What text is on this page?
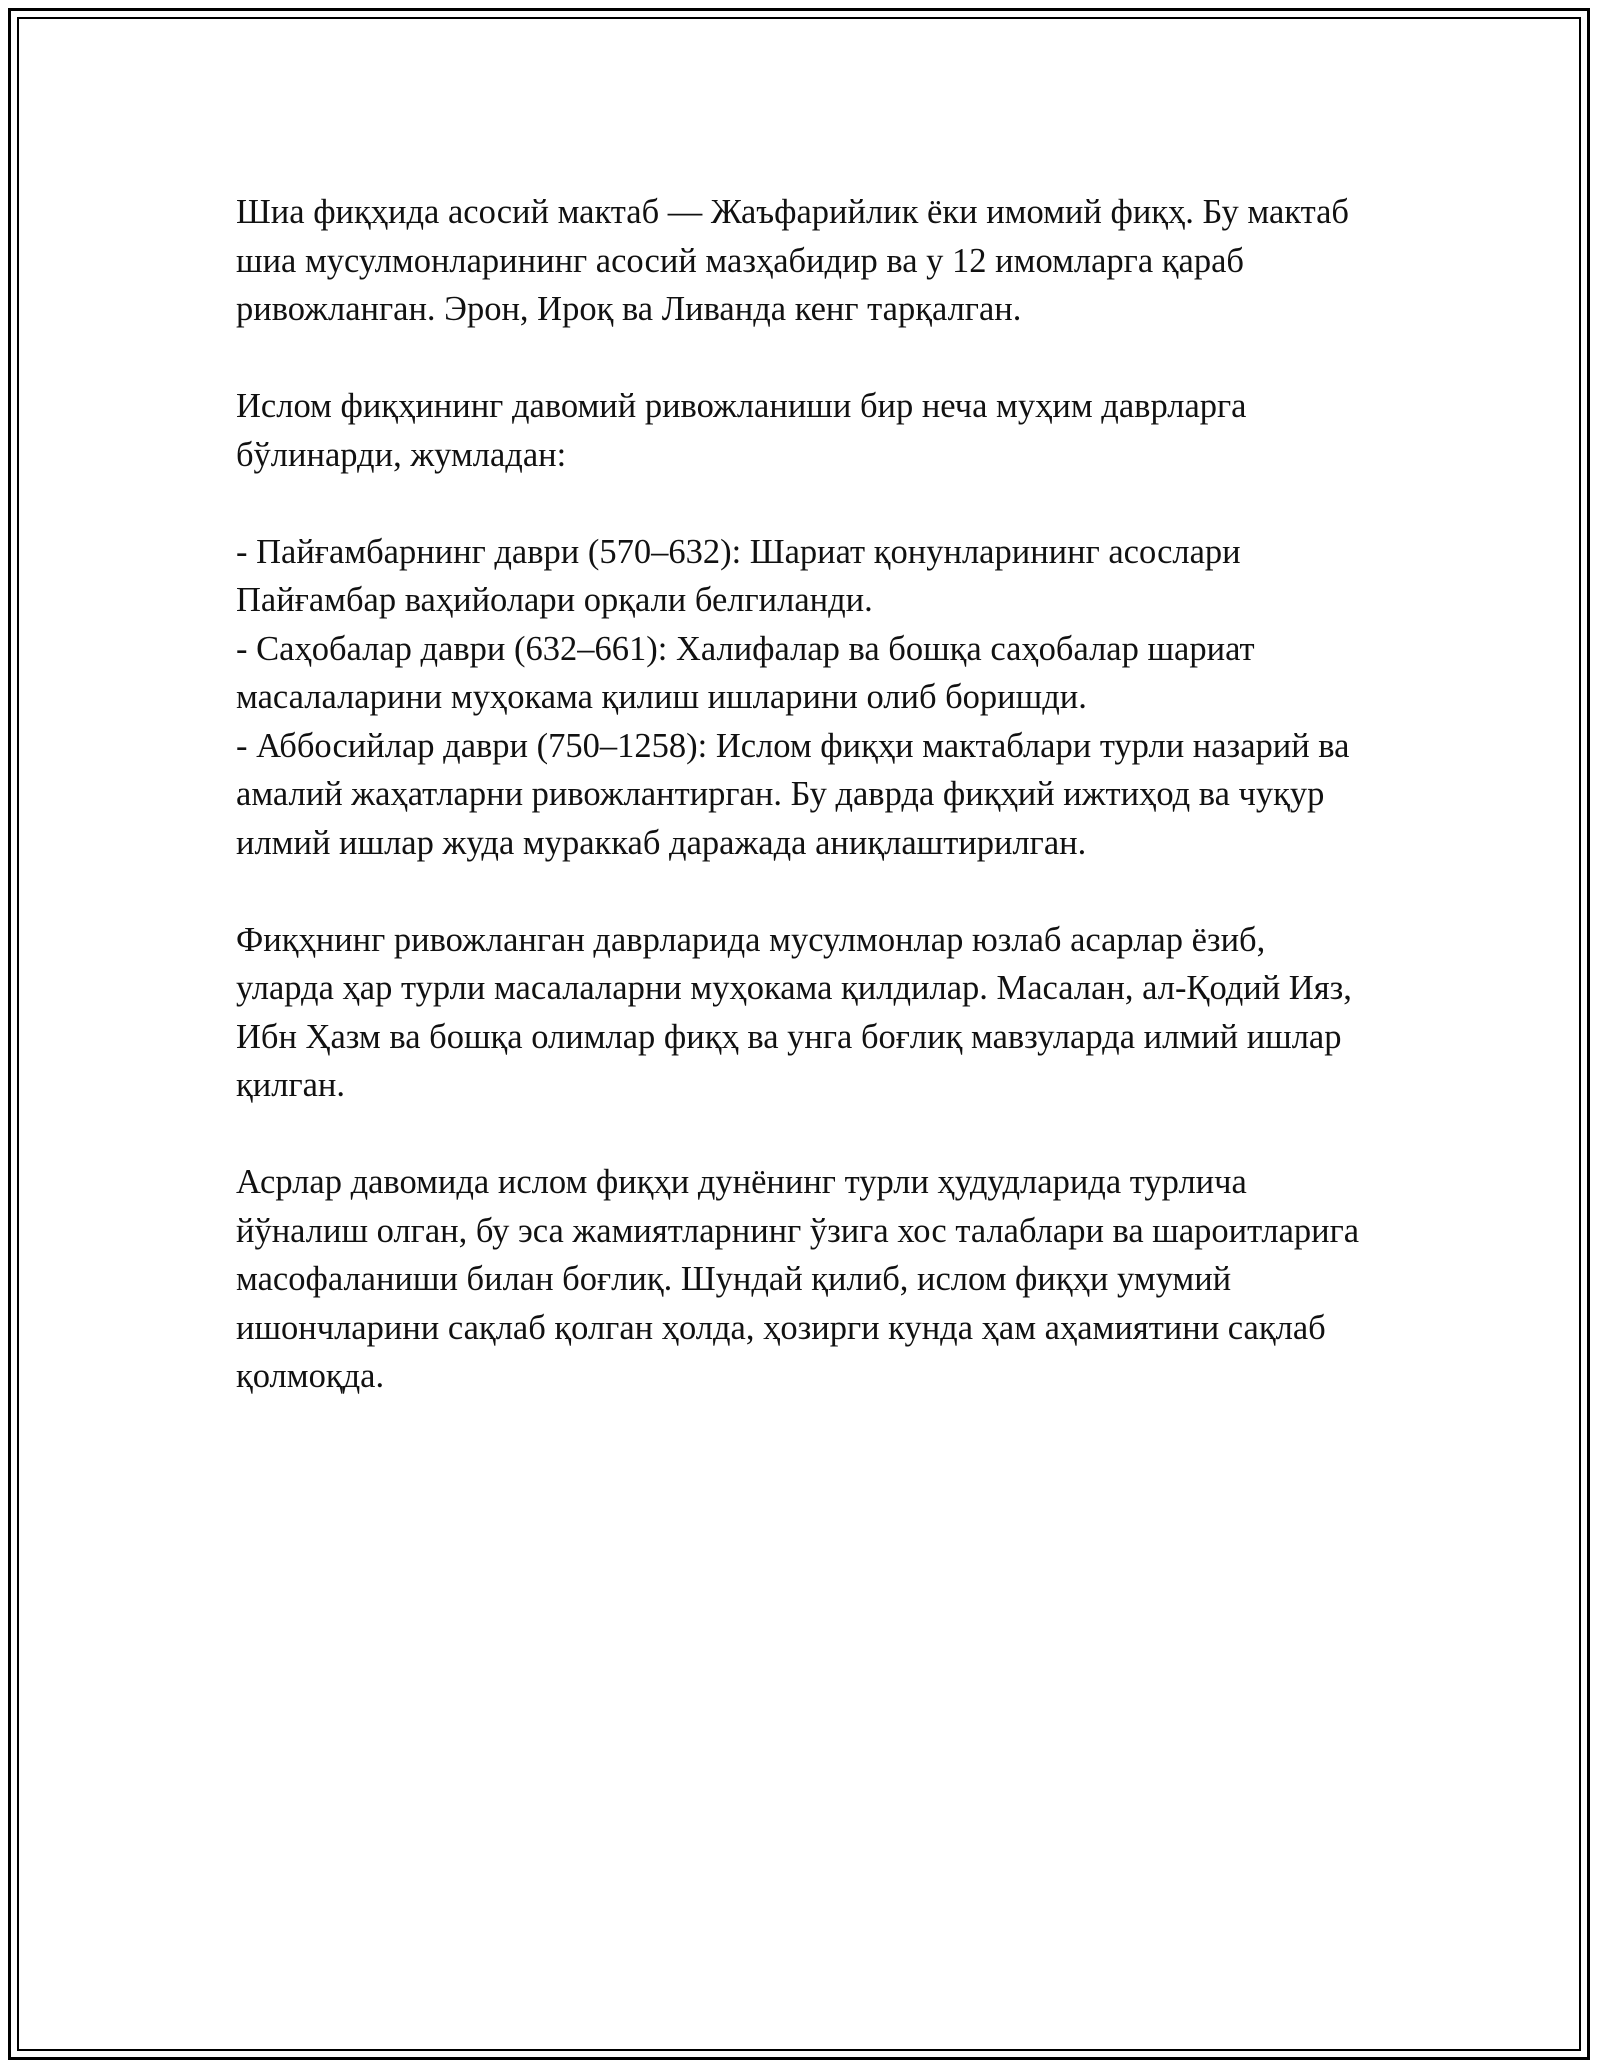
Шиа фиқҳида асосий мактаб — Жаъфарийлик ёки имомий фиқҳ. Бу мактаб шиа мусулмонларининг асосий мазҳабидир ва у 12 имомларга қараб ривожланган. Эрон, Ироқ ва Ливанда кенг тарқалган.

Ислом фиқҳининг давомий ривожланиши бир неча муҳим даврларга бўлинарди, жумладан:

- Пайғамбарнинг даври (570–632): Шариат қонунларининг асослари Пайғамбар ваҳийолари орқали белгиланди.

- Саҳобалар даври (632–661): Халифалар ва бошқа саҳобалар шариат масалаларини муҳокама қилиш ишларини олиб боришди.

- Аббосийлар даври (750–1258): Ислом фиқҳи мактаблари турли назарий ва амалий жаҳатларни ривожлантирган. Бу даврда фиқҳий ижтиҳод ва чуқур илмий ишлар жуда мураккаб даражада аниқлаштирилган.

Фиқҳнинг ривожланган даврларида мусулмонлар юзлаб асарлар ёзиб, уларда ҳар турли масалаларни муҳокама қилдилар. Масалан, ал-Қодий Ияз, Ибн Ҳазм ва бошқа олимлар фиқҳ ва унга боғлиқ мавзуларда илмий ишлар қилган.

Асрлар давомида ислом фиқҳи дунёнинг турли ҳудудларида турлича йўналиш олган, бу эса жамиятларнинг ўзига хос талаблари ва шароитларига масофаланиши билан боғлиқ. Шундай қилиб, ислом фиқҳи умумий ишончларини сақлаб қолган ҳолда, ҳозирги кунда ҳам аҳамиятини сақлаб қолмоқда.
